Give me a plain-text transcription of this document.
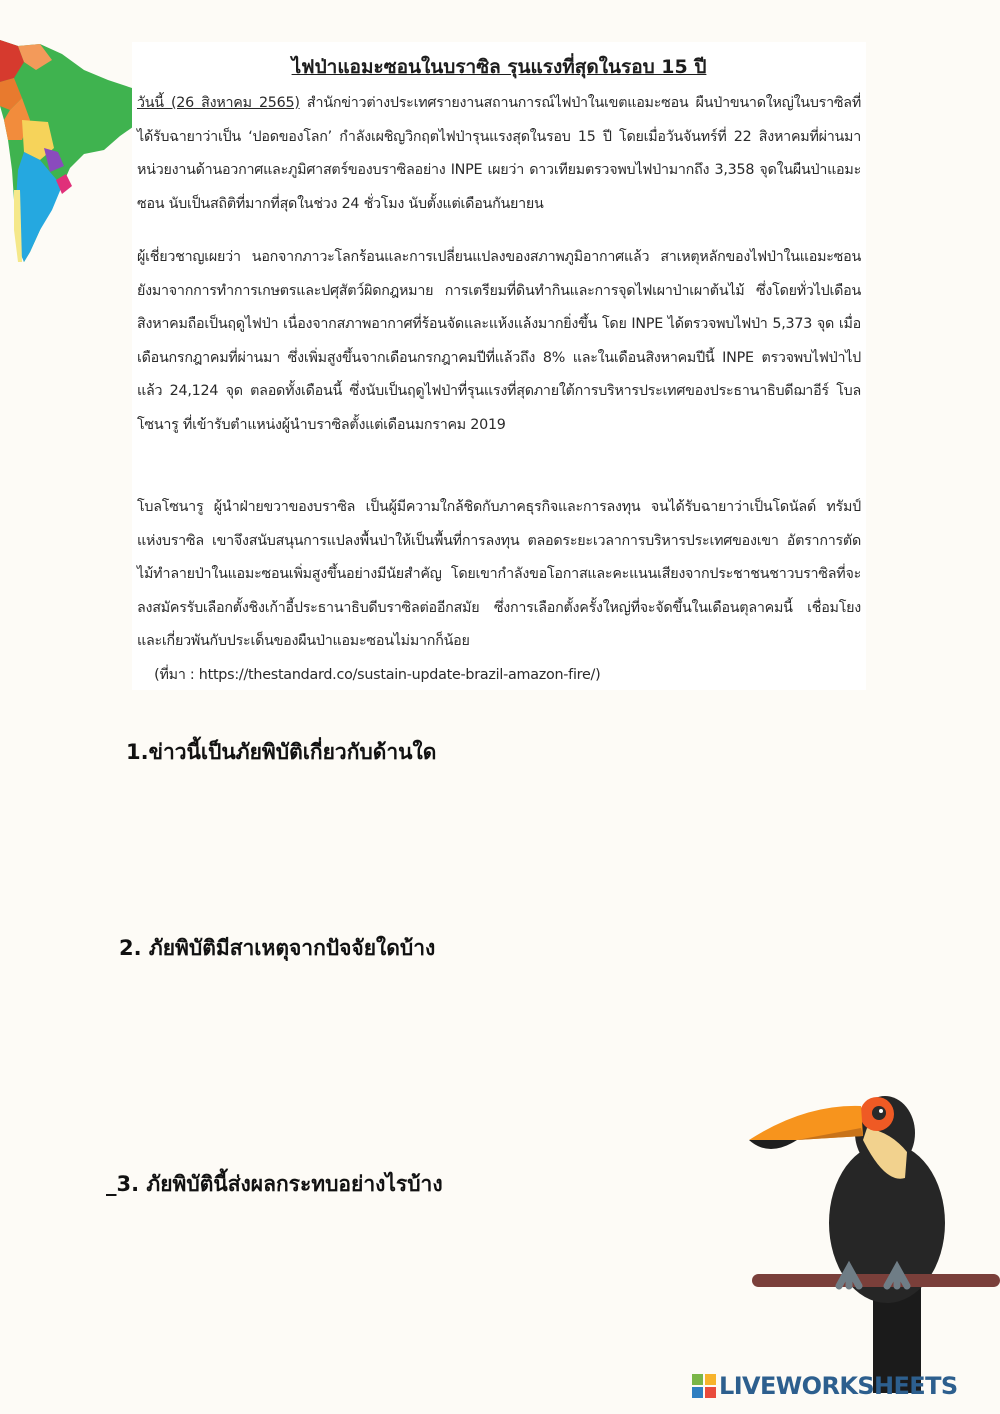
ไฟป่าแอมะซอนในบราซิล รุนแรงที่สุดในรอบ 15 ปี

วันนี้ (26 สิงหาคม 2565) สำนักข่าวต่างประเทศรายงานสถานการณ์ไฟป่าในเขตแอมะซอน ผืนป่าขนาดใหญ่ในบราซิลที่ได้รับฉายาว่าเป็น ‘ปอดของโลก’ กำลังเผชิญวิกฤตไฟป่ารุนแรงสุดในรอบ 15 ปี โดยเมื่อวันจันทร์ที่ 22 สิงหาคมที่ผ่านมา หน่วยงานด้านอวกาศและภูมิศาสตร์ของบราซิลอย่าง INPE เผยว่า ดาวเทียมตรวจพบไฟป่ามากถึง 3,358 จุดในผืนป่าแอมะซอน นับเป็นสถิติที่มากที่สุดในช่วง 24 ชั่วโมง นับตั้งแต่เดือนกันยายน

ผู้เชี่ยวชาญเผยว่า นอกจากภาวะโลกร้อนและการเปลี่ยนแปลงของสภาพภูมิอากาศแล้ว สาเหตุหลักของไฟป่าในแอมะซอนยังมาจากการทำการเกษตรและปศุสัตว์ผิดกฎหมาย การเตรียมที่ดินทำกินและการจุดไฟเผาป่าเผาต้นไม้ ซึ่งโดยทั่วไปเดือนสิงหาคมถือเป็นฤดูไฟป่า เนื่องจากสภาพอากาศที่ร้อนจัดและแห้งแล้งมากยิ่งขึ้น โดย INPE ได้ตรวจพบไฟป่า 5,373 จุด เมื่อเดือนกรกฎาคมที่ผ่านมา ซึ่งเพิ่มสูงขึ้นจากเดือนกรกฎาคมปีที่แล้วถึง 8% และในเดือนสิงหาคมปีนี้ INPE ตรวจพบไฟป่าไปแล้ว 24,124 จุด ตลอดทั้งเดือนนี้ ซึ่งนับเป็นฤดูไฟป่าที่รุนแรงที่สุดภายใต้การบริหารประเทศของประธานาธิบดีฌาอีร์ โบลโซนารู ที่เข้ารับตำแหน่งผู้นำบราซิลตั้งแต่เดือนมกราคม 2019

โบลโซนารู ผู้นำฝ่ายขวาของบราซิล เป็นผู้มีความใกล้ชิดกับภาคธุรกิจและการลงทุน จนได้รับฉายาว่าเป็นโดนัลด์ ทรัมป์ แห่งบราซิล เขาจึงสนับสนุนการแปลงพื้นป่าให้เป็นพื้นที่การลงทุน ตลอดระยะเวลาการบริหารประเทศของเขา อัตราการตัดไม้ทำลายป่าในแอมะซอนเพิ่มสูงขึ้นอย่างมีนัยสำคัญ โดยเขากำลังขอโอกาสและคะแนนเสียงจากประชาชนชาวบราซิลที่จะลงสมัครรับเลือกตั้งชิงเก้าอี้ประธานาธิบดีบราซิลต่ออีกสมัย ซึ่งการเลือกตั้งครั้งใหญ่ที่จะจัดขึ้นในเดือนตุลาคมนี้ เชื่อมโยงและเกี่ยวพันกับประเด็นของผืนป่าแอมะซอนไม่มากก็น้อย    (ที่มา : https://thestandard.co/sustain-update-brazil-amazon-fire/)

1.ข่าวนี้เป็นภัยพิบัติเกี่ยวกับด้านใด

2. ภัยพิบัติมีสาเหตุจากปัจจัยใดบ้าง

_3. ภัยพิบัตินี้ส่งผลกระทบอย่างไรบ้าง

LIVEWORKSHEETS
